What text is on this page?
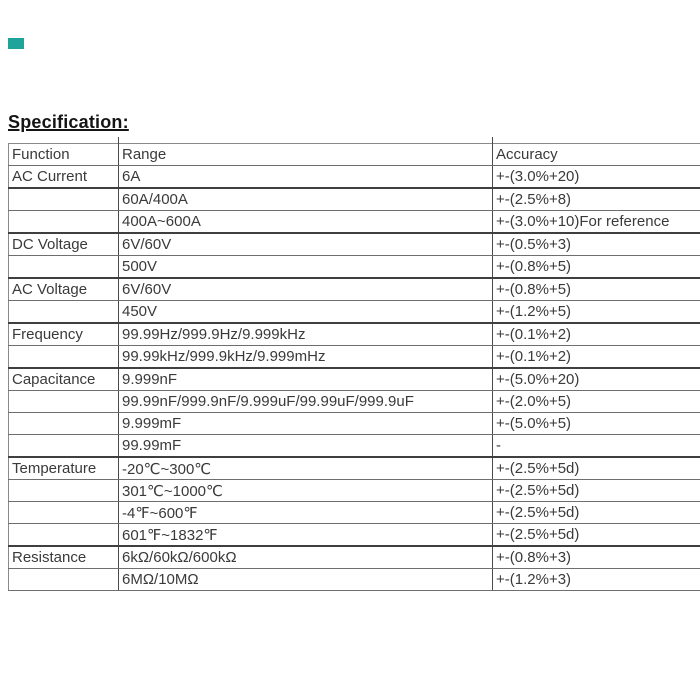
Specification:
Function	Range	Accuracy
AC Current	6A	+-(3.0%+20)
	60A/400A	+-(2.5%+8)
	400A~600A	+-(3.0%+10)For reference
DC Voltage	6V/60V	+-(0.5%+3)
	500V	+-(0.8%+5)
AC Voltage	6V/60V	+-(0.8%+5)
	450V	+-(1.2%+5)
Frequency	99.99Hz/999.9Hz/9.999kHz	+-(0.1%+2)
	99.99kHz/999.9kHz/9.999mHz	+-(0.1%+2)
Capacitance	9.999nF	+-(5.0%+20)
	99.99nF/999.9nF/9.999uF/99.99uF/999.9uF	+-(2.0%+5)
	9.999mF	+-(5.0%+5)
	99.99mF	-
Temperature	-20℃~300℃	+-(2.5%+5d)
	301℃~1000℃	+-(2.5%+5d)
	-4℉~600℉	+-(2.5%+5d)
	601℉~1832℉	+-(2.5%+5d)
Resistance	6kΩ/60kΩ/600kΩ	+-(0.8%+3)
	6MΩ/10MΩ	+-(1.2%+3)
